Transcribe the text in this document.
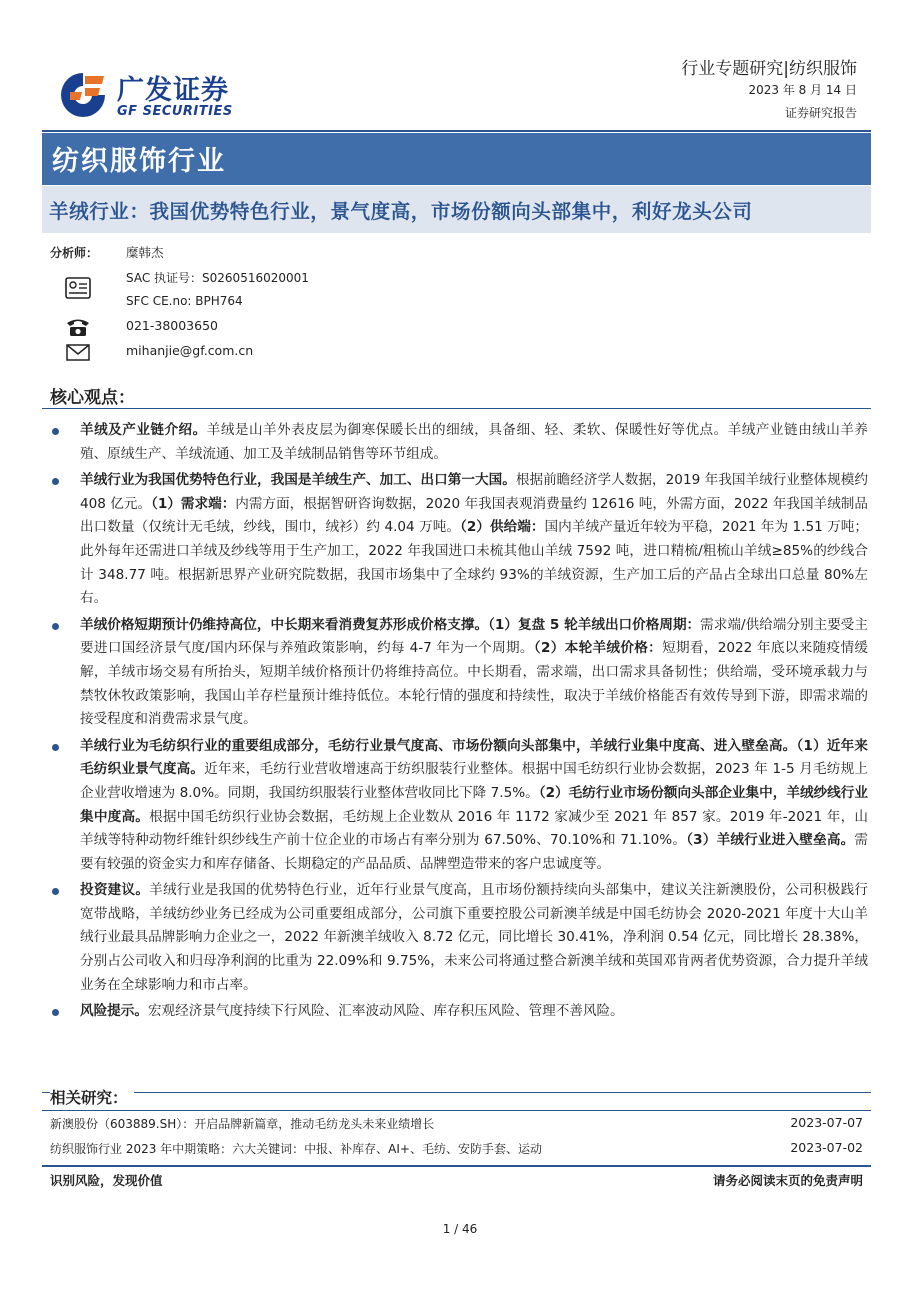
广发证券
GF SECURITIES
行业专题研究|纺织服饰
2023 年 8 月 14 日
证券研究报告
纺织服饰行业
羊绒行业：我国优势特色行业，景气度高，市场份额向头部集中，利好龙头公司
分析师： 糜韩杰
SAC 执证号：S0260516020001
SFC CE.no: BPH764
021-38003650
mihanjie@gf.com.cn
核心观点：
羊绒及产业链介绍。羊绒是山羊外表皮层为御寒保暖长出的细绒，具备细、轻、柔软、保暖性好等优点。羊绒产业链由绒山羊养殖、原绒生产、羊绒流通、加工及羊绒制品销售等环节组成。
羊绒行业为我国优势特色行业，我国是羊绒生产、加工、出口第一大国。根据前瞻经济学人数据，2019 年我国羊绒行业整体规模约 408 亿元。（1）需求端：内需方面，根据智研咨询数据，2020 年我国表观消费量约 12616 吨，外需方面，2022 年我国羊绒制品出口数量（仅统计无毛绒，纱线，围巾，绒衫）约 4.04 万吨。（2）供给端：国内羊绒产量近年较为平稳，2021 年为 1.51 万吨；此外每年还需进口羊绒及纱线等用于生产加工，2022 年我国进口未梳其他山羊绒 7592 吨，进口精梳/粗梳山羊绒≥85%的纱线合计 348.77 吨。根据新思界产业研究院数据，我国市场集中了全球约 93%的羊绒资源，生产加工后的产品占全球出口总量 80%左右。
羊绒价格短期预计仍维持高位，中长期来看消费复苏形成价格支撑。（1）复盘 5 轮羊绒出口价格周期：需求端/供给端分别主要受主要进口国经济景气度/国内环保与养殖政策影响，约每 4-7 年为一个周期。（2）本轮羊绒价格：短期看，2022 年底以来随疫情缓解，羊绒市场交易有所抬头，短期羊绒价格预计仍将维持高位。中长期看，需求端，出口需求具备韧性；供给端，受环境承载力与禁牧休牧政策影响，我国山羊存栏量预计维持低位。本轮行情的强度和持续性，取决于羊绒价格能否有效传导到下游，即需求端的接受程度和消费需求景气度。
羊绒行业为毛纺织行业的重要组成部分，毛纺行业景气度高、市场份额向头部集中，羊绒行业集中度高、进入壁垒高。（1）近年来毛纺织业景气度高。近年来，毛纺行业营收增速高于纺织服装行业整体。根据中国毛纺织行业协会数据，2023 年 1-5 月毛纺规上企业营收增速为 8.0%。同期，我国纺织服装行业整体营收同比下降 7.5%。（2）毛纺行业市场份额向头部企业集中，羊绒纱线行业集中度高。根据中国毛纺织行业协会数据，毛纺规上企业数从 2016 年 1172 家减少至 2021 年 857 家。2019 年-2021 年，山羊绒等特种动物纤维针织纱线生产前十位企业的市场占有率分别为 67.50%、70.10%和 71.10%。（3）羊绒行业进入壁垒高。需要有较强的资金实力和库存储备、长期稳定的产品品质、品牌塑造带来的客户忠诚度等。
投资建议。羊绒行业是我国的优势特色行业，近年行业景气度高，且市场份额持续向头部集中，建议关注新澳股份，公司积极践行宽带战略，羊绒纺纱业务已经成为公司重要组成部分，公司旗下重要控股公司新澳羊绒是中国毛纺协会 2020-2021 年度十大山羊绒行业最具品牌影响力企业之一，2022 年新澳羊绒收入 8.72 亿元，同比增长 30.41%，净利润 0.54 亿元，同比增长 28.38%，分别占公司收入和归母净利润的比重为 22.09%和 9.75%，未来公司将通过整合新澳羊绒和英国邓肯两者优势资源，合力提升羊绒业务在全球影响力和市占率。
风险提示。宏观经济景气度持续下行风险、汇率波动风险、库存积压风险、管理不善风险。
相关研究：
新澳股份（603889.SH）：开启品牌新篇章，推动毛纺龙头未来业绩增长	2023-07-07
纺织服饰行业 2023 年中期策略：六大关键词：中报、补库存、AI+、毛纺、安防手套、运动	2023-07-02
识别风险，发现价值	请务必阅读末页的免责声明
1 / 46
